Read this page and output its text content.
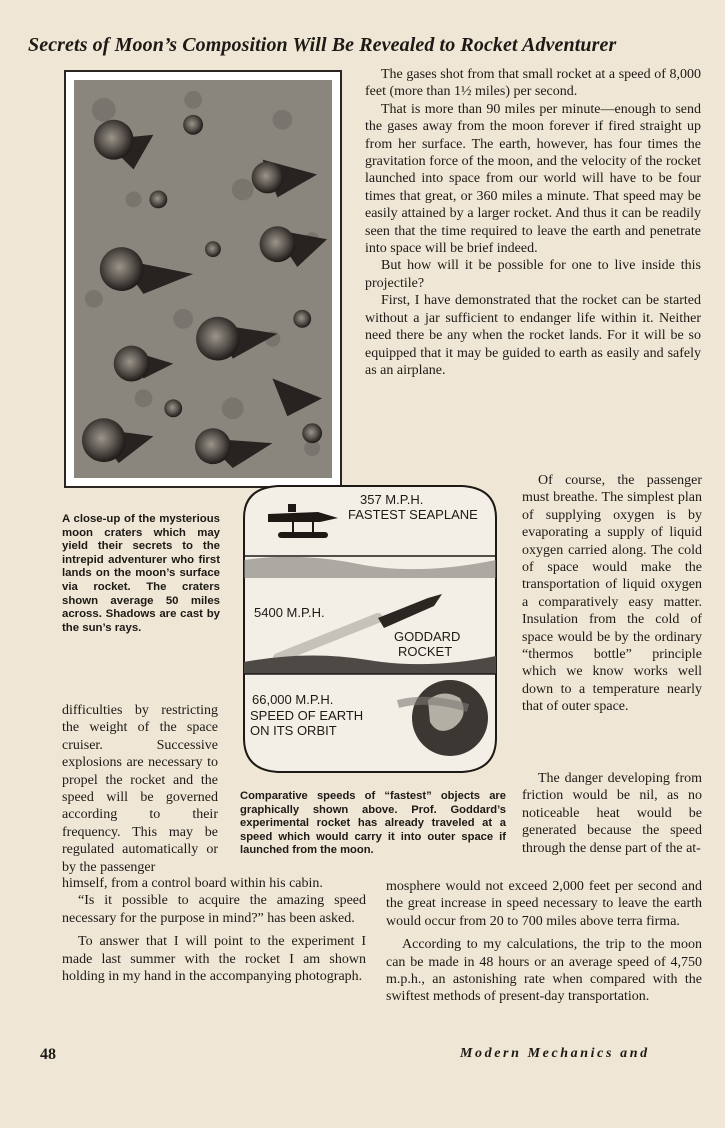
Secrets of Moon’s Composition Will Be Revealed to Rocket Adventurer
The gases shot from that small rocket at a speed of 8,000 feet (more than 1½ miles) per second.
That is more than 90 miles per minute—enough to send the gases away from the moon forever if fired straight up from her surface. The earth, however, has four times the gravitation force of the moon, and the velocity of the rocket launched into space from our world will have to be four times that great, or 360 miles a minute. That speed may be easily attained by a larger rocket. And thus it can be readily seen that the time required to leave the earth and penetrate into space will be brief indeed.
But how will it be possible for one to live inside this projectile?
First, I have demonstrated that the rocket can be started without a jar sufficient to endanger life within it. Neither need there be any when the rocket lands. For it will be so equipped that it may be guided to earth as easily and safely as an airplane.
A close-up of the mysterious moon craters which may yield their secrets to the intrepid adventurer who first lands on the moon’s surface via rocket. The craters shown average 50 miles across. Shadows are cast by the sun’s rays.
357 M.P.H.
FASTEST SEAPLANE
5400 M.P.H.
GODDARD
ROCKET
66,000 M.P.H.
SPEED OF EARTH
ON ITS ORBIT
Of course, the passenger must breathe. The simplest plan of supplying oxygen is by evaporating a supply of liquid oxygen carried along. The cold of space would make the transportation of liquid oxygen a comparatively easy matter. Insulation from the cold of space would be by the ordinary “thermos bottle” principle which we know works well down to a temperature nearly that of outer space.
The danger developing from friction would be nil, as no noticeable heat would be generated because the speed through the dense part of the at-
Comparative speeds of “fastest” objects are graphically shown above. Prof. Goddard’s experimental rocket has already traveled at a speed which would carry it into outer space if launched from the moon.
difficulties by restricting the weight of the space cruiser. Successive explosions are necessary to propel the rocket and the speed will be governed according to their frequency. This may be regulated automatically or by the passenger
himself, from a control board within his cabin.
“Is it possible to acquire the amazing speed necessary for the purpose in mind?” has been asked.
To answer that I will point to the experiment I made last summer with the rocket I am shown holding in my hand in the accompanying photograph.
mosphere would not exceed 2,000 feet per second and the great increase in speed necessary to leave the earth would occur from 20 to 700 miles above terra firma.
According to my calculations, the trip to the moon can be made in 48 hours or an average speed of 4,750 m.p.h., an astonishing rate when compared with the swiftest methods of present-day transportation.
48	Modern Mechanics and
